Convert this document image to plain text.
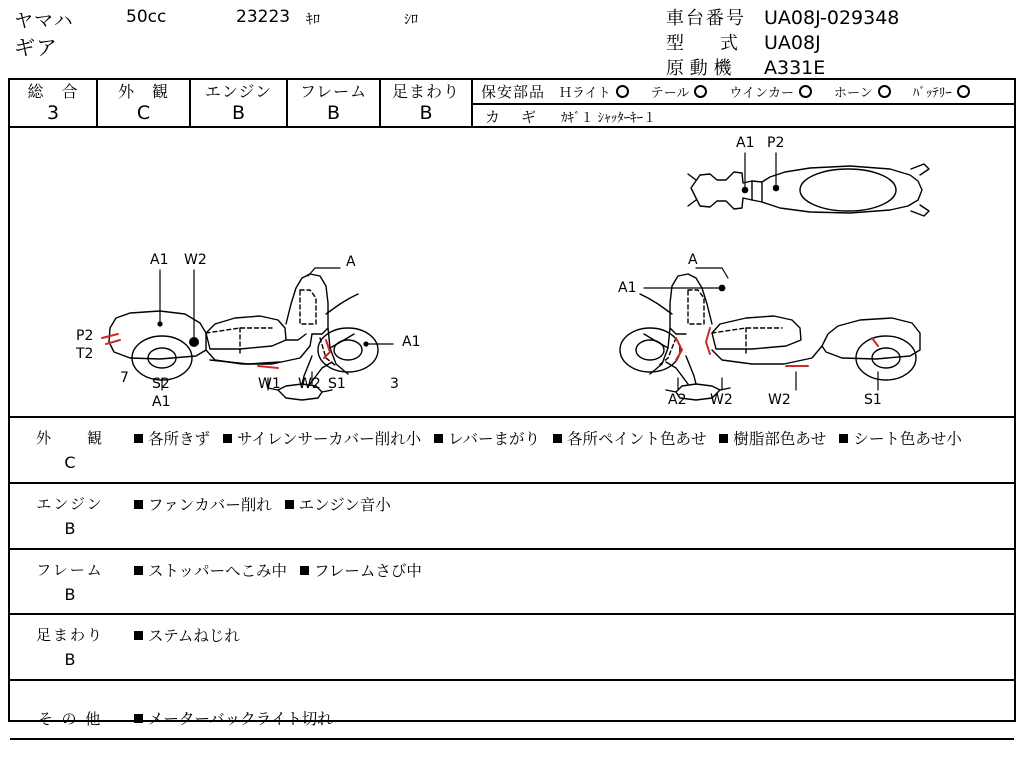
ヤマハ
ギア
50cc	23223 ｷﾛ	ｼﾛ	車台番号 UA08J-029348
型　　式	UA08J
原 動 機	A331E
総　合
3
外　観
C
エンジン
B
フレーム
B
足まわり
B
保安部品 Ｈライト	テール	ウインカー	ホーン	ﾊﾞｯﾃﾘｰ
カ　ギ ｶｷﾞ１ ｼｬｯﾀｰｷｰ１
A1 P2
A1 W2	A
P2
T2
7 S2
A1
W1 W2 S1
A1
3
A
A1
A2 W2	W2	S1
外　　観
C
各所きず サイレンサーカバー削れ小 レバーまがり 各所ペイント色あせ 樹脂部色あせ シート色あせ小
エンジン
B
ファンカバー削れ エンジン音小
フレーム
B
ストッパーへこみ中 フレームさび中
足まわり
B
ステムねじれ
そ の 他	メーターバックライト切れ
